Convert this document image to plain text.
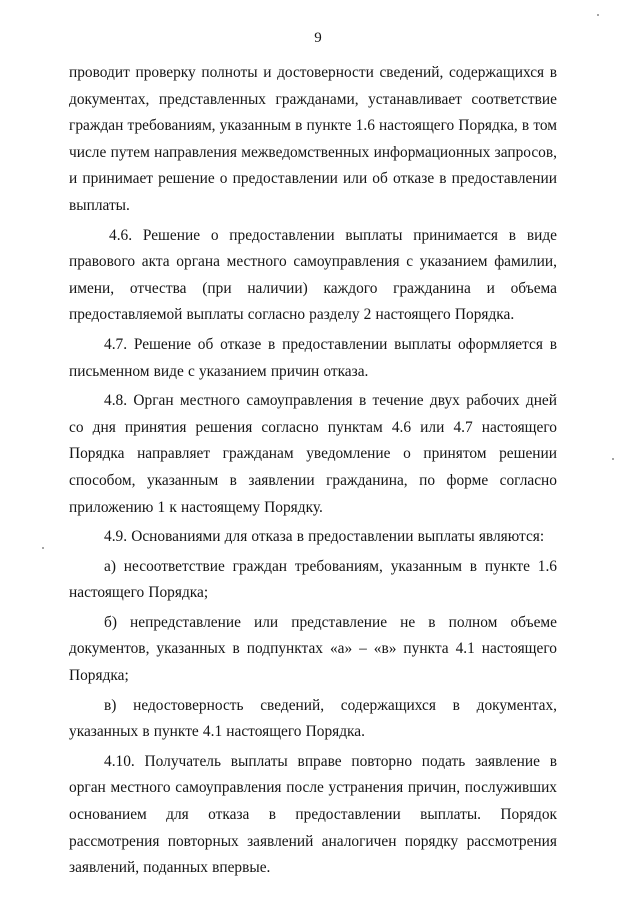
9

проводит проверку полноты и достоверности сведений, содержащихся в документах, представленных гражданами, устанавливает соответствие граждан требованиям, указанным в пункте 1.6 настоящего Порядка, в том числе путем направления межведомственных информационных запросов, и принимает решение о предоставлении или об отказе в предоставлении выплаты.

4.6. Решение о предоставлении выплаты принимается в виде правового акта органа местного самоуправления с указанием фамилии, имени, отчества (при наличии) каждого гражданина и объема предоставляемой выплаты согласно разделу 2 настоящего Порядка.

4.7. Решение об отказе в предоставлении выплаты оформляется в письменном виде с указанием причин отказа.

4.8. Орган местного самоуправления в течение двух рабочих дней со дня принятия решения согласно пунктам 4.6 или 4.7 настоящего Порядка направляет гражданам уведомление о принятом решении способом, указанным в заявлении гражданина, по форме согласно приложению 1 к настоящему Порядку.

4.9. Основаниями для отказа в предоставлении выплаты являются:

а) несоответствие граждан требованиям, указанным в пункте 1.6 настоящего Порядка;

б) непредставление или представление не в полном объеме документов, указанных в подпунктах «а» – «в» пункта 4.1 настоящего Порядка;

в) недостоверность сведений, содержащихся в документах, указанных в пункте 4.1 настоящего Порядка.

4.10. Получатель выплаты вправе повторно подать заявление в орган местного самоуправления после устранения причин, послуживших основанием для отказа в предоставлении выплаты. Порядок рассмотрения повторных заявлений аналогичен порядку рассмотрения заявлений, поданных впервые.
